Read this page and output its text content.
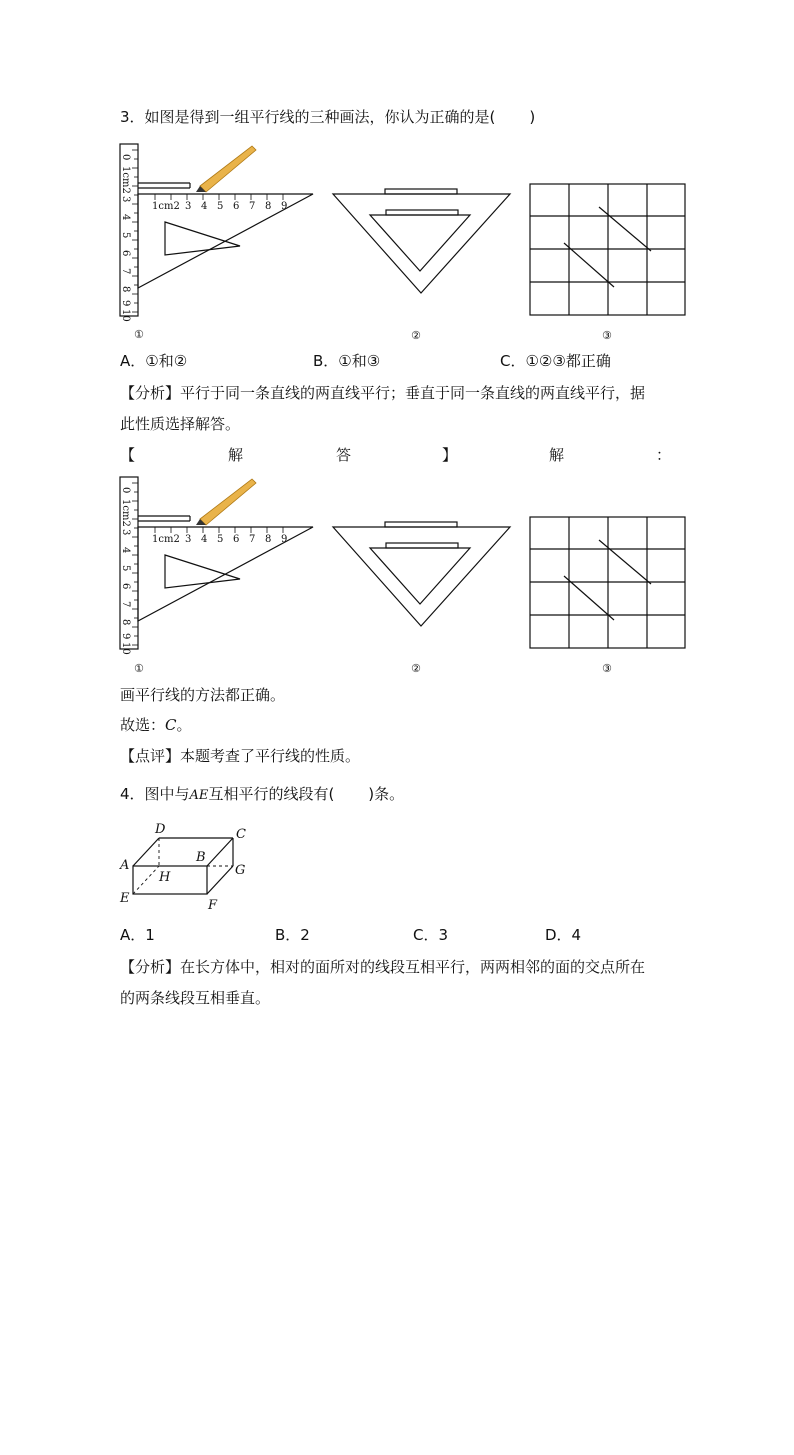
3．如图是得到一组平行线的三种画法，你认为正确的是( )
0
1cm2
3
4
5
6
7
8
9
10
1cm2 3 4 5 6 7 8 9
①	②	③
A．①和②	B．①和③	C．①②③都正确
【分析】平行于同一条直线的两直线平行；垂直于同一条直线的两直线平行，据
此性质选择解答。
【	解	答	】	解	：
0
1cm2
3
4
5
6
7
8
9
10
1cm2 3 4 5 6 7 8 9
①	②	③
画平行线的方法都正确。
故选：C。
【点评】本题考查了平行线的性质。
4．图中与AE互相平行的线段有( )条。
D	C
A
B
H	G
E	F
A．1	B．2	C．3	D．4
【分析】在长方体中，相对的面所对的线段互相平行，两两相邻的面的交点所在
的两条线段互相垂直。
